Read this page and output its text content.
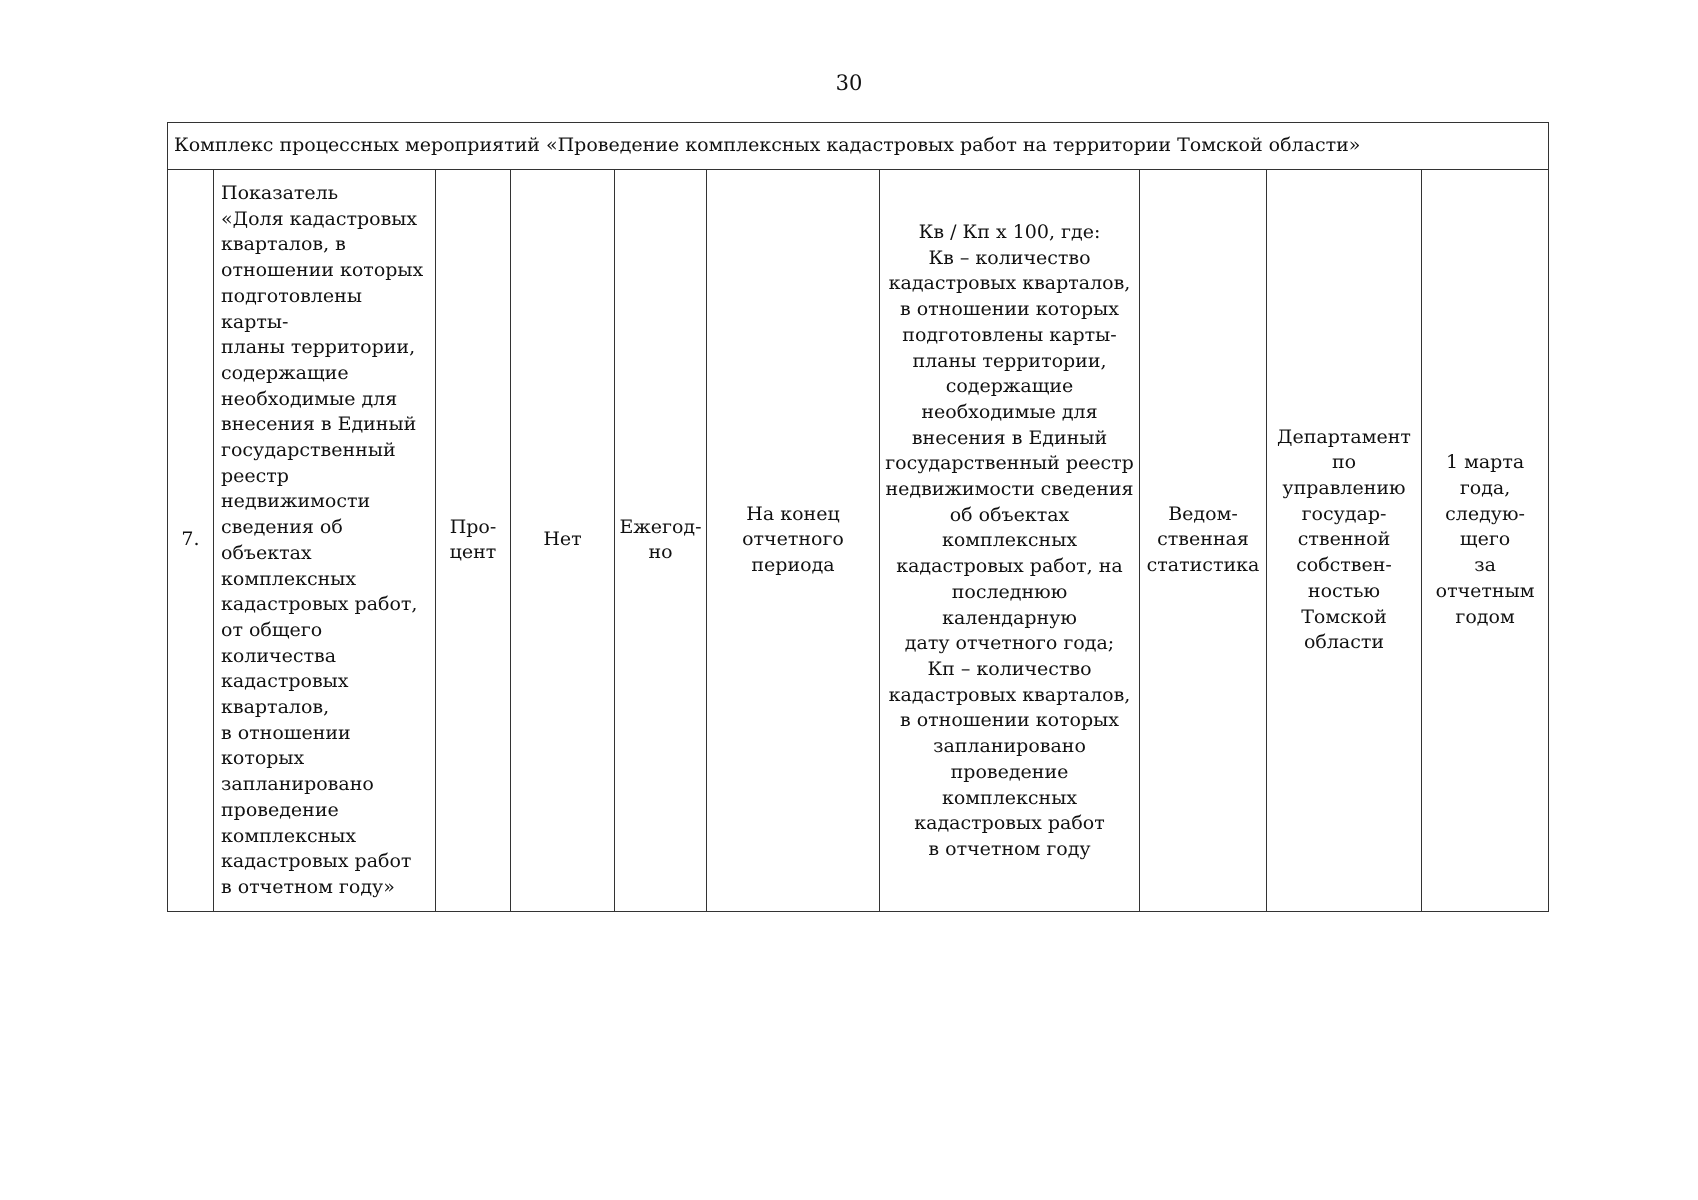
30
Комплекс процессных мероприятий «Проведение комплексных кадастровых работ на территории Томской области»
7.	Показатель
«Доля кадастровых
кварталов, в
отношении которых
подготовлены карты-
планы территории,
содержащие
необходимые для
внесения в Единый
государственный
реестр недвижимости
сведения об объектах
комплексных
кадастровых работ,
от общего количества
кадастровых
кварталов,
в отношении
которых
запланировано
проведение
комплексных
кадастровых работ
в отчетном году»	Про-
цент	Нет	Ежегод-
но	На конец
отчетного
периода	Кв / Кп х 100, где:
Кв – количество
кадастровых кварталов,
в отношении которых
подготовлены карты-
планы территории,
содержащие
необходимые для
внесения в Единый
государственный реестр
недвижимости сведения
об объектах
комплексных
кадастровых работ, на
последнюю календарную
дату отчетного года;
Кп – количество
кадастровых кварталов,
в отношении которых
запланировано
проведение комплексных
кадастровых работ
в отчетном году	Ведом-
ственная
статистика	Департамент
по
управлению
государ-
ственной
собствен-
ностью
Томской
области	1 марта
года,
следую-
щего
за
отчетным
годом
